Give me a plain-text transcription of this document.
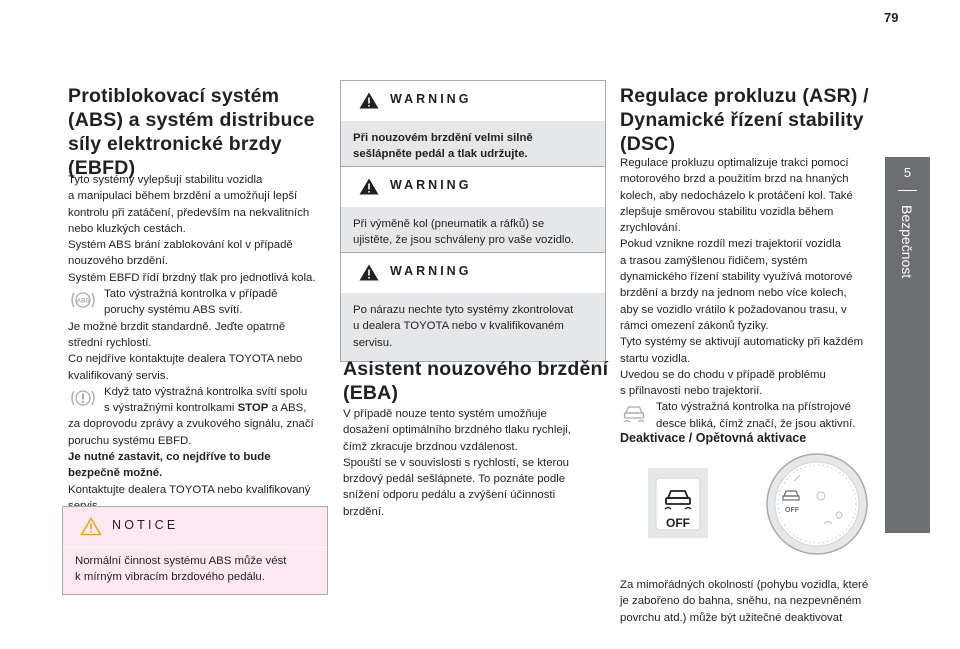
79
5
Bezpečnost
Protiblokovací systém
(ABS) a systém distribuce
síly elektronické brzdy
(EBFD)

Tyto systémy vylepšují stabilitu vozidla

a manipulaci během brzdění a umožňují lepší

kontrolu při zatáčení, především na nekvalitních

nebo kluzkých cestách.

Systém ABS brání zablokování kol v případě

nouzového brzdění.

Systém EBFD řídí brzdný tlak pro jednotlivá kola.

ABS

Tato výstražná kontrolka v případě

poruchy systému ABS svítí.

Je možné brzdit standardně. Jeďte opatrně

střední rychlostí.

Co nejdříve kontaktujte dealera TOYOTA nebo

kvalifikovaný servis.

Když tato výstražná kontrolka svítí spolu

s výstražnými kontrolkami STOP a ABS,

za doprovodu zprávy a zvukového signálu, značí

poruchu systému EBFD.

Je nutné zastavit, co nejdříve to bude

bezpečně možné.

Kontaktujte dealera TOYOTA nebo kvalifikovaný

NOTICE

Normální činnost systému ABS může vést

k mírným vibracím brzdového pedálu.

WARNING

Při nouzovém brzdění velmi silně

sešlápněte pedál a tlak udržujte.

WARNING

Při výměně kol (pneumatik a ráfků) se

ujistěte, že jsou schváleny pro vaše vozidlo.

WARNING

Po nárazu nechte tyto systémy zkontrolovat

u dealera TOYOTA nebo v kvalifikovaném

servisu.

Asistent nouzového brzdění
(EBA)

V případě nouze tento systém umožňuje

dosažení optimálního brzdného tlaku rychleji,

čímž zkracuje brzdnou vzdálenost.

Spouští se v souvislosti s rychlostí, se kterou

brzdový pedál sešlápnete. To poznáte podle

snížení odporu pedálu a zvýšení účinnosti

brzdění.

Regulace prokluzu (ASR) /
Dynamické řízení stability
(DSC)

Regulace prokluzu optimalizuje trakci pomocí

motorového brzd a použitím brzd na hnaných

kolech, aby nedocházelo k protáčení kol. Také

zlepšuje směrovou stabilitu vozidla během

zrychlování.

Pokud vznikne rozdíl mezi trajektorií vozidla

a trasou zamýšlenou řidičem, systém

dynamického řízení stability využívá motorové

brzdění a brzdy na jednom nebo více kolech,

aby se vozidlo vrátilo k požadovanou trasu, v

rámci omezení zákonů fyziky.

Tyto systémy se aktivují automaticky při každém

startu vozidla.

Uvedou se do chodu v případě problému

s přilnavostí nebo trajektorií.

Tato výstražná kontrolka na přístrojové

desce bliká, čímž značí, že jsou aktivní.

Deaktivace / Opětovná aktivace
OFF
OFF

Za mimořádných okolností (pohybu vozidla, které

je zabořeno do bahna, sněhu, na nezpevněném

povrchu atd.) může být užitečné deaktivovat
